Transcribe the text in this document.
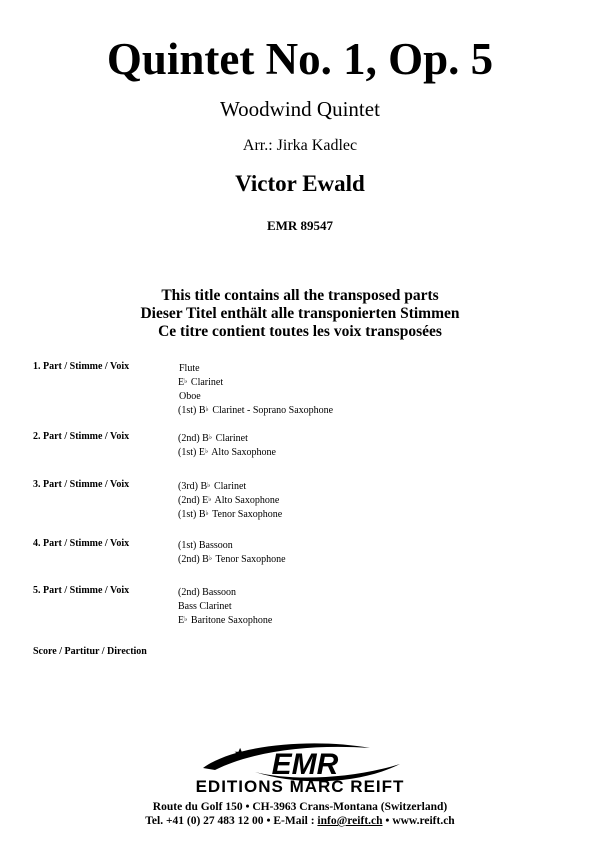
Quintet No. 1, Op. 5
Woodwind Quintet
Arr.: Jirka Kadlec
Victor Ewald
EMR 89547
This title contains all the transposed parts
Dieser Titel enthält alle transponierten Stimmen
Ce titre contient toutes les voix transposées
1. Part / Stimme / Voix	Flute
E♭ Clarinet
Oboe
(1st) B♭ Clarinet - Soprano Saxophone
2. Part / Stimme / Voix	(2nd) B♭ Clarinet
(1st) E♭ Alto Saxophone
3. Part / Stimme / Voix	(3rd) B♭ Clarinet
(2nd) E♭ Alto Saxophone
(1st) B♭ Tenor Saxophone
4. Part / Stimme / Voix	(1st) Bassoon
(2nd) B♭ Tenor Saxophone
5. Part / Stimme / Voix	(2nd) Bassoon
Bass Clarinet
E♭ Baritone Saxophone
Score / Partitur / Direction
EMR
EDITIONS MARC REIFT
Route du Golf 150 • CH-3963 Crans-Montana (Switzerland)
Tel. +41 (0) 27 483 12 00 • E-Mail : info@reift.ch • www.reift.ch
